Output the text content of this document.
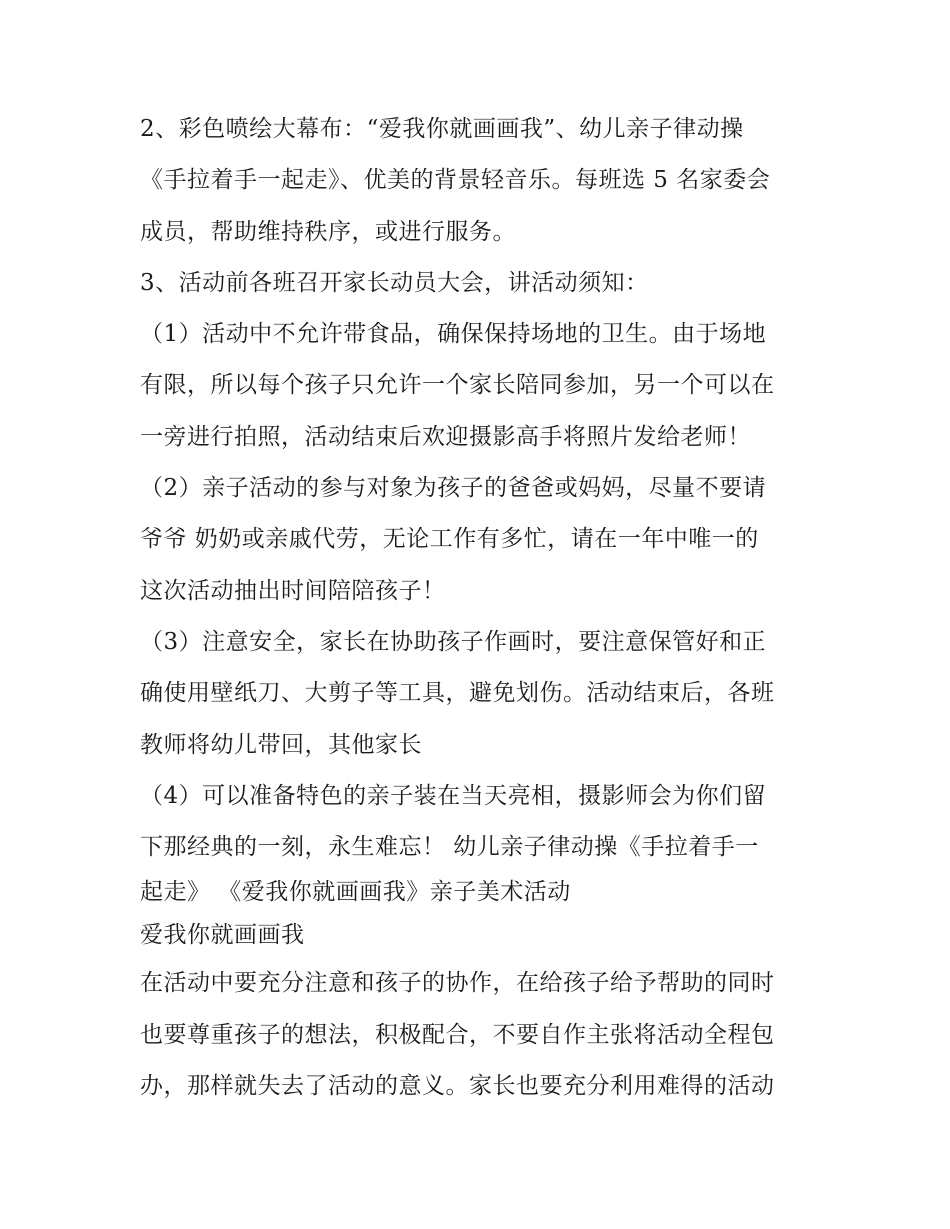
2、彩色喷绘大幕布：“爱我你就画画我”、幼儿亲子律动操
《手拉着手一起走》、优美的背景轻音乐。每班选 5 名家委会
成员，帮助维持秩序，或进行服务。
3、活动前各班召开家长动员大会，讲活动须知：
（1）活动中不允许带食品，确保保持场地的卫生。由于场地
有限，所以每个孩子只允许一个家长陪同参加，另一个可以在
一旁进行拍照，活动结束后欢迎摄影高手将照片发给老师！
（2）亲子活动的参与对象为孩子的爸爸或妈妈，尽量不要请
爷爷 奶奶或亲戚代劳，无论工作有多忙，请在一年中唯一的
这次活动抽出时间陪陪孩子！
（3）注意安全，家长在协助孩子作画时，要注意保管好和正
确使用壁纸刀、大剪子等工具，避免划伤。活动结束后，各班
教师将幼儿带回，其他家长
（4）可以准备特色的亲子装在当天亮相，摄影师会为你们留
下那经典的一刻，永生难忘！ 幼儿亲子律动操《手拉着手一
起走》 《爱我你就画画我》亲子美术活动
爱我你就画画我
在活动中要充分注意和孩子的协作，在给孩子给予帮助的同时
也要尊重孩子的想法，积极配合，不要自作主张将活动全程包
办，那样就失去了活动的意义。家长也要充分利用难得的活动
